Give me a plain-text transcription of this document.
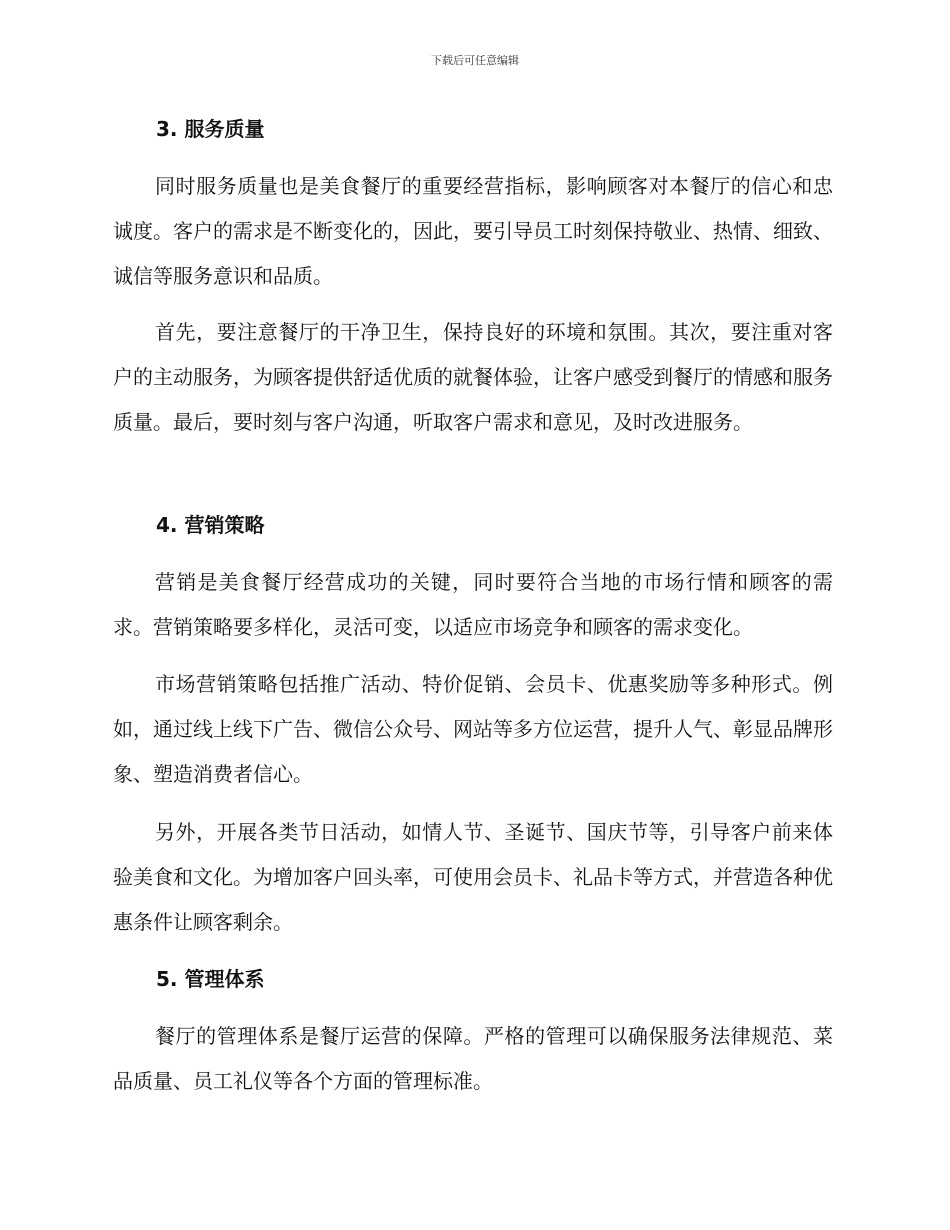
下载后可任意编辑
3. 服务质量
同时服务质量也是美食餐厅的重要经营指标，影响顾客对本餐厅的信心和忠诚度。客户的需求是不断变化的，因此，要引导员工时刻保持敬业、热情、细致、诚信等服务意识和品质。
首先，要注意餐厅的干净卫生，保持良好的环境和氛围。其次，要注重对客户的主动服务，为顾客提供舒适优质的就餐体验，让客户感受到餐厅的情感和服务质量。最后，要时刻与客户沟通，听取客户需求和意见，及时改进服务。
4. 营销策略
营销是美食餐厅经营成功的关键，同时要符合当地的市场行情和顾客的需求。营销策略要多样化，灵活可变，以适应市场竞争和顾客的需求变化。
市场营销策略包括推广活动、特价促销、会员卡、优惠奖励等多种形式。例如，通过线上线下广告、微信公众号、网站等多方位运营，提升人气、彰显品牌形象、塑造消费者信心。
另外，开展各类节日活动，如情人节、圣诞节、国庆节等，引导客户前来体验美食和文化。为增加客户回头率，可使用会员卡、礼品卡等方式，并营造各种优惠条件让顾客剩余。
5. 管理体系
餐厅的管理体系是餐厅运营的保障。严格的管理可以确保服务法律规范、菜品质量、员工礼仪等各个方面的管理标准。
